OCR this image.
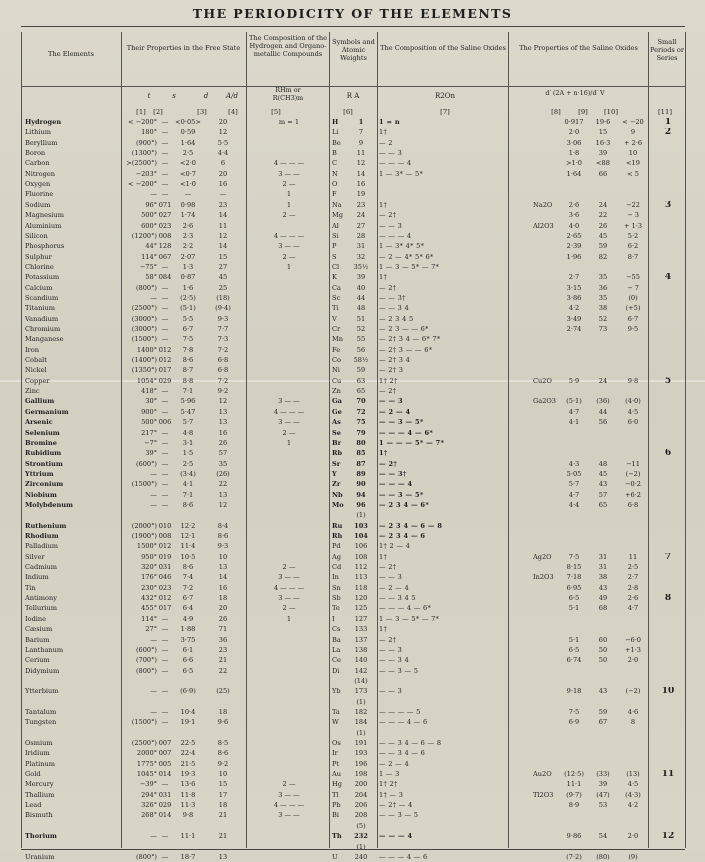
THE PERIODICITY OF THE ELEMENTS
The Elements
Their Properties in the Free State
The Composition of the Hydrogen and Organo-metallic Compounds
Symbols and Atomic Weights
The Composition of the Saline Oxides	The Properties of the Saline Oxides
Small Periods or Series
t	s	d	A/d
RHm or R(CH3)m	R A	R2On	d′ (2A + n·16)/d′ V
[1]	[2]	[3]	[4]	[5]	[6]	[7]	[8]	[9]	[10]	[11]
Hydrogen	< −200° —	<0·05>	20	m = 1	H	1	1 = n	0·917	19·6	< −20	1
Lithium	180° —	0·59	12	Li	7	1†	2·0	15	9	2
Beryllium	(900°) —	1·64	5·5	Be	9	— 2	3·06	16·3	+ 2·6
Boron	(1300°) —	2·5	4·4	B	11	— — 3	1·8	39	10
Carbon	>(2500°) —	<2·0	6	4 — — —	C	12	— — — 4	>1·0	<88	<19
Nitrogen	−203° —	<0·7	20	3 — —	N	14	1 — 3* — 5*	1·64	66	< 5
Oxygen	< −200° —	<1·0	16	2 —	O	16
Fluorine	— —	—	—	1	F	19
Sodium	96° 071	0·98	23	1	Na	23	1†	Na2O	2·6	24	−22	3
Magnesium	500° 027	1·74	14	2 —	Mg	24	— 2†	3·6	22	− 3
Aluminium	600° 023	2·6	11	Al	27	— — 3	Al2O3	4·0	26	+ 1·3
Silicon	(1200°) 008	2·3	12	4 — — —	Si	28	— — — 4	2·65	45	5·2
Phosphorus	44° 128	2·2	14	3 — —	P	31	1 — 3* 4* 5*	2·39	59	6·2
Sulphur	114° 067	2·07	15	2 —	S	32	— 2 — 4* 5* 6*	1·96	82	8·7
Chlorine	−75° —	1·3	27	1	Cl	35½	1 — 3 — 5* — 7*
Potassium	58° 084	0·87	45	K	39	1†	2·7	35	−55	4
Calcium	(800°) —	1·6	25	Ca	40	— 2†	3·15	36	− 7
Scandium	— —	(2·5)	(18)	Sc	44	— — 3†	3·86	35	(0)
Titanium	(2500°) —	(5·1)	(9·4)	Ti	48	— — 3 4	4·2	38	(+5)
Vanadium	(3000°) —	5·5	9·3	V	51	— 2 3 4 5	3·49	52	6·7
Chromium	(3000°) —	6·7	7·7	Cr	52	— 2 3 — — 6*	2·74	73	9·5
Manganese	(1500°) —	7·5	7·3	Mn	55	— 2† 3 4 — 6* 7*
Iron	1400° 012	7·8	7·2	Fe	56	— 2† 3 — — 6*
Cobalt	(1400°) 012	8·6	6·8	Co	58½	— 2† 3 4
Nickel	(1350°) 017	8·7	6·8	Ni	59	— 2† 3
Copper	1054° 029	8·8	7·2	Cu	63	1† 2†	Cu2O	5·9	24	9·8	5
Zinc	418° —	7·1	9·2	Zn	65	— 2†
Gallium	30° —	5·96	12	3 — —	Ga	70	— — 3	Ga2O3	(5·1)	(36)	(4·0)
Germanium	900° —	5·47	13	4 — — —	Ge	72	— 2 — 4	4·7	44	4·5
Arsenic	500° 006	5·7	13	3 — —	As	75	— — 3 — 5*	4·1	56	6·0
Selenium	217° —	4·8	16	2 —	Se	79	— — — 4 — 6*
Bromine	−7° —	3·1	26	1	Br	80	1 — — — 5* — 7*
Rubidium	39° —	1·5	57	Rb	85	1†	6
Strontium	(600°) —	2·5	35	Sr	87	— 2†	4·3	48	−11
Yttrium	— —	(3·4)	(26)	Y	89	— — 3†	5·05	45	(−2)
Zirconium	(1500°) —	4·1	22	Zr	90	— — — 4	5·7	43	−0·2
Niobium	— —	7·1	13	Nb	94	— — 3 — 5*	4·7	57	+6·2
Molybdenum	— —	8·6	12	Mo	96	— 2 3 4 — 6*	4·4	65	6·8
(1)
Ruthenium	(2000°) 010	12·2	8·4	Ru	103	— 2 3 4 — 6 — 8
Rhodium	(1900°) 008	12·1	8·6	Rh	104	— 2 3 4 — 6
Palladium	1500° 012	11·4	9·3	Pd	106	1† 2 — 4
Silver	950° 019	10·5	10	Ag	108	1†	Ag2O	7·5	31	11	7
Cadmium	320° 031	8·6	13	2 —	Cd	112	— 2†	8·15	31	2·5
Indium	176° 046	7·4	14	3 — —	In	113	— — 3	In2O3	7·18	38	2·7
Tin	230° 023	7·2	16	4 — — —	Sn	118	— 2 — 4	6·95	43	2·8
Antimony	432° 012	6·7	18	3 — —	Sb	120	— — 3 4 5	6·5	49	2·6	8
Tellurium	455° 017	6·4	20	2 —	Te	125	— — — 4 — 6*	5·1	68	4·7
Iodine	114° —	4·9	26	1	I	127	1 — 3 — 5* — 7*
Cæsium	27° —	1·88	71	Cs	133	1†
Barium	— —	3·75	36	Ba	137	— 2†	5·1	60	−6·0
Lanthanum	(600°) —	6·1	23	La	138	— — 3	6·5	50	+1·3
Cerium	(700°) —	6·6	21	Ce	140	— — 3 4	6·74	50	2·0
Didymium	(800°) —	6·5	22	Di	142	— — 3 — 5
(14)
Ytterbium	— —	(6·9)	(25)	Yb	173	— — 3	9·18	43	(−2)	10
(1)
Tantalum	— —	10·4	18	Ta	182	— — — — 5	7·5	59	4·6
Tungsten	(1500°) —	19·1	9·6	W	184	— — — 4 — 6	6·9	67	8
(1)
Osmium	(2500°) 007	22·5	8·5	Os	191	— — 3 4 — 6 — 8
Iridium	2000° 007	22·4	8·6	Ir	193	— — 3 4 — 6
Platinum	1775° 005	21·5	9·2	Pt	196	— 2 — 4
Gold	1045° 014	19·3	10	Au	198	1 — 3	Au2O	(12·5)	(33)	(13)	11
Mercury	−39° —	13·6	15	2 —	Hg	200	1† 2†	11·1	39	4·5
Thallium	294° 031	11·8	17	3 — —	Tl	204	1† — 3	Tl2O3	(9·7)	(47)	(4·3)
Lead	326° 029	11·3	18	4 — — —	Pb	206	— 2† — 4	8·9	53	4·2
Bismuth	268° 014	9·8	21	3 — —	Bi	208	— — 3 — 5
(5)
Thorium	— —	11·1	21	Th	232	— — — 4	9·86	54	2·0	12
(1)
Uranium	(800°) —	18·7	13	U	240	— — — 4 — 6	(7·2)	(80)	(9)
